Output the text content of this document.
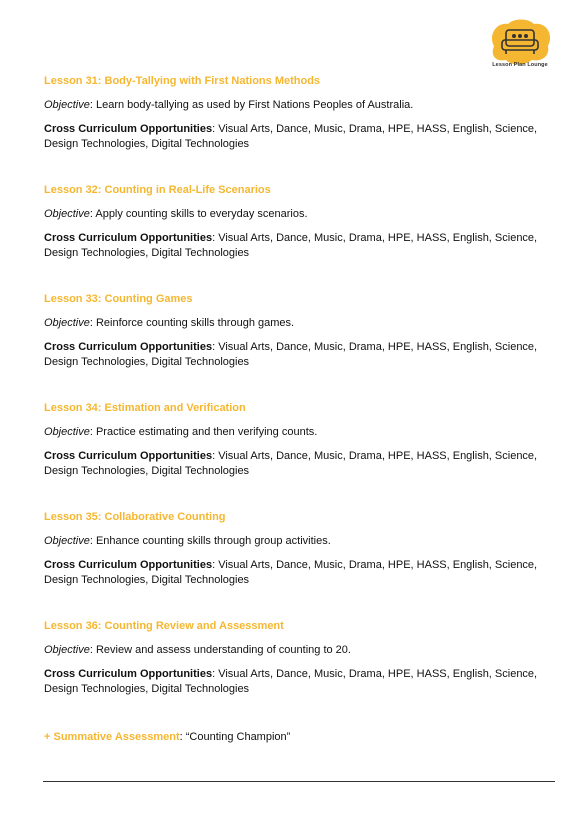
Lesson Plan Lounge
Lesson 31: Body-Tallying with First Nations Methods
Objective: Learn body-tallying as used by First Nations Peoples of Australia.
Cross Curriculum Opportunities: Visual Arts, Dance, Music, Drama, HPE, HASS, English, Science, Design Technologies, Digital Technologies
Lesson 32: Counting in Real-Life Scenarios
Objective: Apply counting skills to everyday scenarios.
Cross Curriculum Opportunities: Visual Arts, Dance, Music, Drama, HPE, HASS, English, Science, Design Technologies, Digital Technologies
Lesson 33: Counting Games
Objective: Reinforce counting skills through games.
Cross Curriculum Opportunities: Visual Arts, Dance, Music, Drama, HPE, HASS, English, Science, Design Technologies, Digital Technologies
Lesson 34: Estimation and Verification
Objective: Practice estimating and then verifying counts.
Cross Curriculum Opportunities: Visual Arts, Dance, Music, Drama, HPE, HASS, English, Science, Design Technologies, Digital Technologies
Lesson 35: Collaborative Counting
Objective: Enhance counting skills through group activities.
Cross Curriculum Opportunities: Visual Arts, Dance, Music, Drama, HPE, HASS, English, Science, Design Technologies, Digital Technologies
Lesson 36: Counting Review and Assessment
Objective: Review and assess understanding of counting to 20.
Cross Curriculum Opportunities: Visual Arts, Dance, Music, Drama, HPE, HASS, English, Science, Design Technologies, Digital Technologies
+ Summative Assessment: “Counting Champion”
